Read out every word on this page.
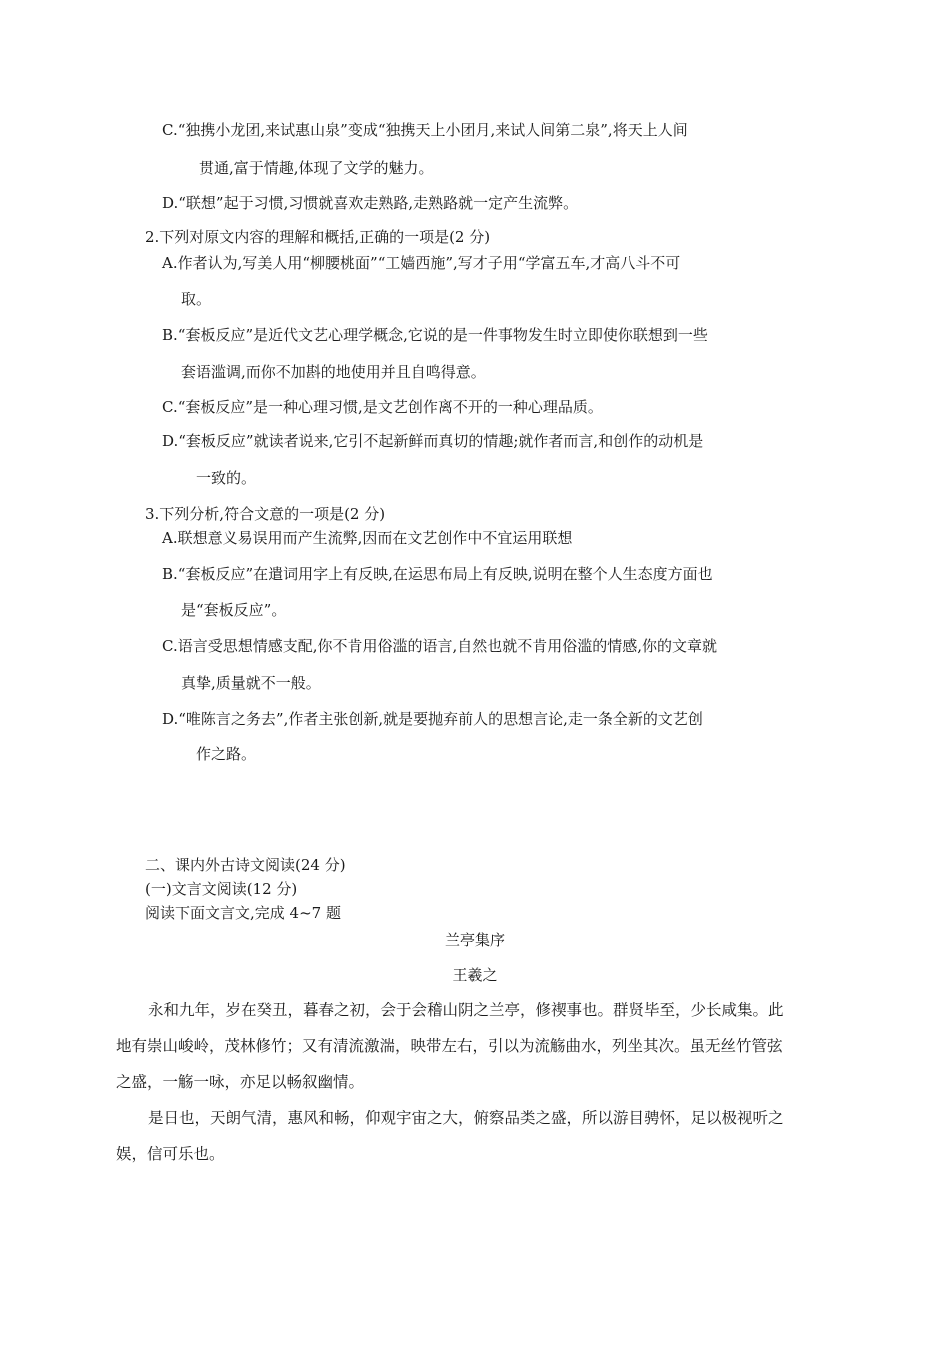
C.“独携小龙团,来试惠山泉”变成“独携天上小团月,来试人间第二泉”,将天上人间
贯通,富于情趣,体现了文学的魅力。
D.“联想”起于习惯,习惯就喜欢走熟路,走熟路就一定产生流弊。
2.下列对原文内容的理解和概括,正确的一项是(2 分)
A.作者认为,写美人用“柳腰桃面”“工嫱西施”,写才子用“学富五车,才高八斗不可
取。
B.“套板反应”是近代文艺心理学概念,它说的是一件事物发生时立即使你联想到一些
套语滥调,而你不加斟的地使用并且自鸣得意。
C.“套板反应”是一种心理习惯,是文艺创作离不开的一种心理品质。
D.“套板反应”就读者说来,它引不起新鲜而真切的情趣;就作者而言,和创作的动机是
一致的。
3.下列分析,符合文意的一项是(2 分)
A.联想意义易误用而产生流弊,因而在文艺创作中不宜运用联想
B.“套板反应”在遣词用字上有反映,在运思布局上有反映,说明在整个人生态度方面也
是“套板反应”。
C.语言受思想情感支配,你不肯用俗滥的语言,自然也就不肯用俗滥的情感,你的文章就
真挚,质量就不一般。
D.“唯陈言之务去”,作者主张创新,就是要抛弃前人的思想言论,走一条全新的文艺创
作之路。
二、课内外古诗文阅读(24 分)
(一)文言文阅读(12 分)
阅读下面文言文,完成 4~7 题
兰亭集序
王羲之
永和九年，岁在癸丑，暮春之初，会于会稽山阴之兰亭，修禊事也。群贤毕至，少长咸集。此
地有崇山峻岭，茂林修竹；又有清流激湍，映带左右，引以为流觞曲水，列坐其次。虽无丝竹管弦
之盛，一觞一咏，亦足以畅叙幽情。
是日也，天朗气清，惠风和畅，仰观宇宙之大，俯察品类之盛，所以游目骋怀，足以极视听之
娱，信可乐也。
